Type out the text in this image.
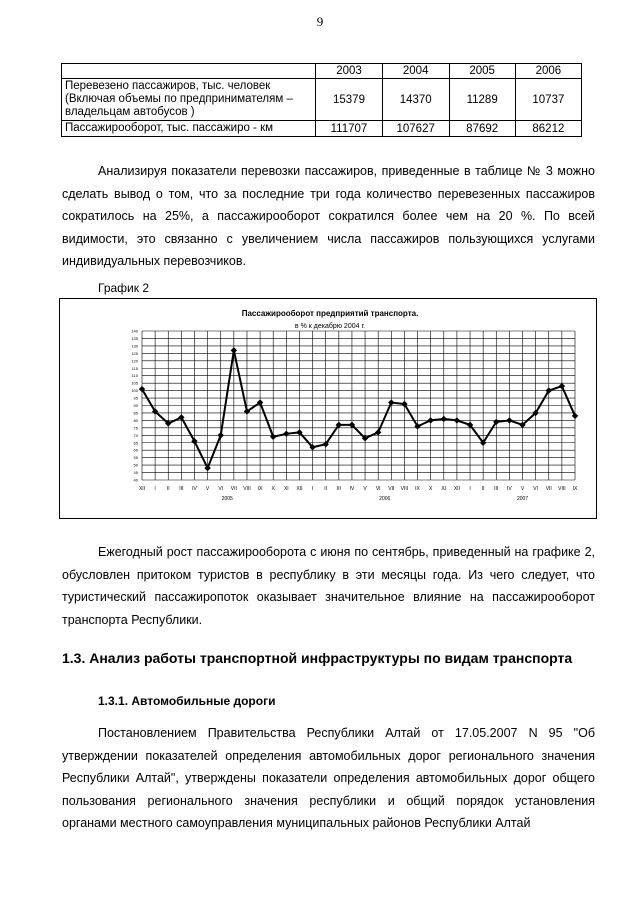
9
	2003	2004	2005	2006
Перевезено пассажиров, тыс. человек (Включая объемы по предпринимателям – владельцам автобусов )	15379	14370	11289	10737
Пассажирооборот, тыс. пассажиро - км	111707	107627	87692	86212
Анализируя показатели перевозки пассажиров, приведенные в таблице № 3 можно сделать вывод о том, что за последние три года количество перевезенных пассажиров сократилось на 25%, а пассажирооборот сократился более чем на 20 %. По всей видимости, это связанно с увеличением числа пассажиров пользующихся услугами индивидуальных перевозчиков.
График 2
Пассажирооборот предприятий транспорта.
в % к декабрю 2004 г.
40
45
50
55
60
65
70
75
80
85
90
95
100
105
110
115
120
125
130
135
140
XII I II III IV V VI VII VIII IX X XI XII I II III IV V VI VII VIII IX X XI XII I II III IV V VI VII VIII IX
2005	2006	2007
Ежегодный рост пассажирооборота с июня по сентябрь, приведенный на графике 2, обусловлен притоком туристов в республику в эти месяцы года. Из чего следует, что туристический пассажиропоток оказывает значительное влияние на пассажирооборот транспорта Республики.
1.3. Анализ работы транспортной инфраструктуры по видам транспорта
1.3.1. Автомобильные дороги
Постановлением Правительства Республики Алтай от 17.05.2007 N 95 "Об утверждении показателей определения автомобильных дорог регионального значения Республики Алтай", утверждены показатели определения автомобильных дорог общего пользования регионального значения республики и общий порядок установления органами местного самоуправления муниципальных районов Республики Алтай
